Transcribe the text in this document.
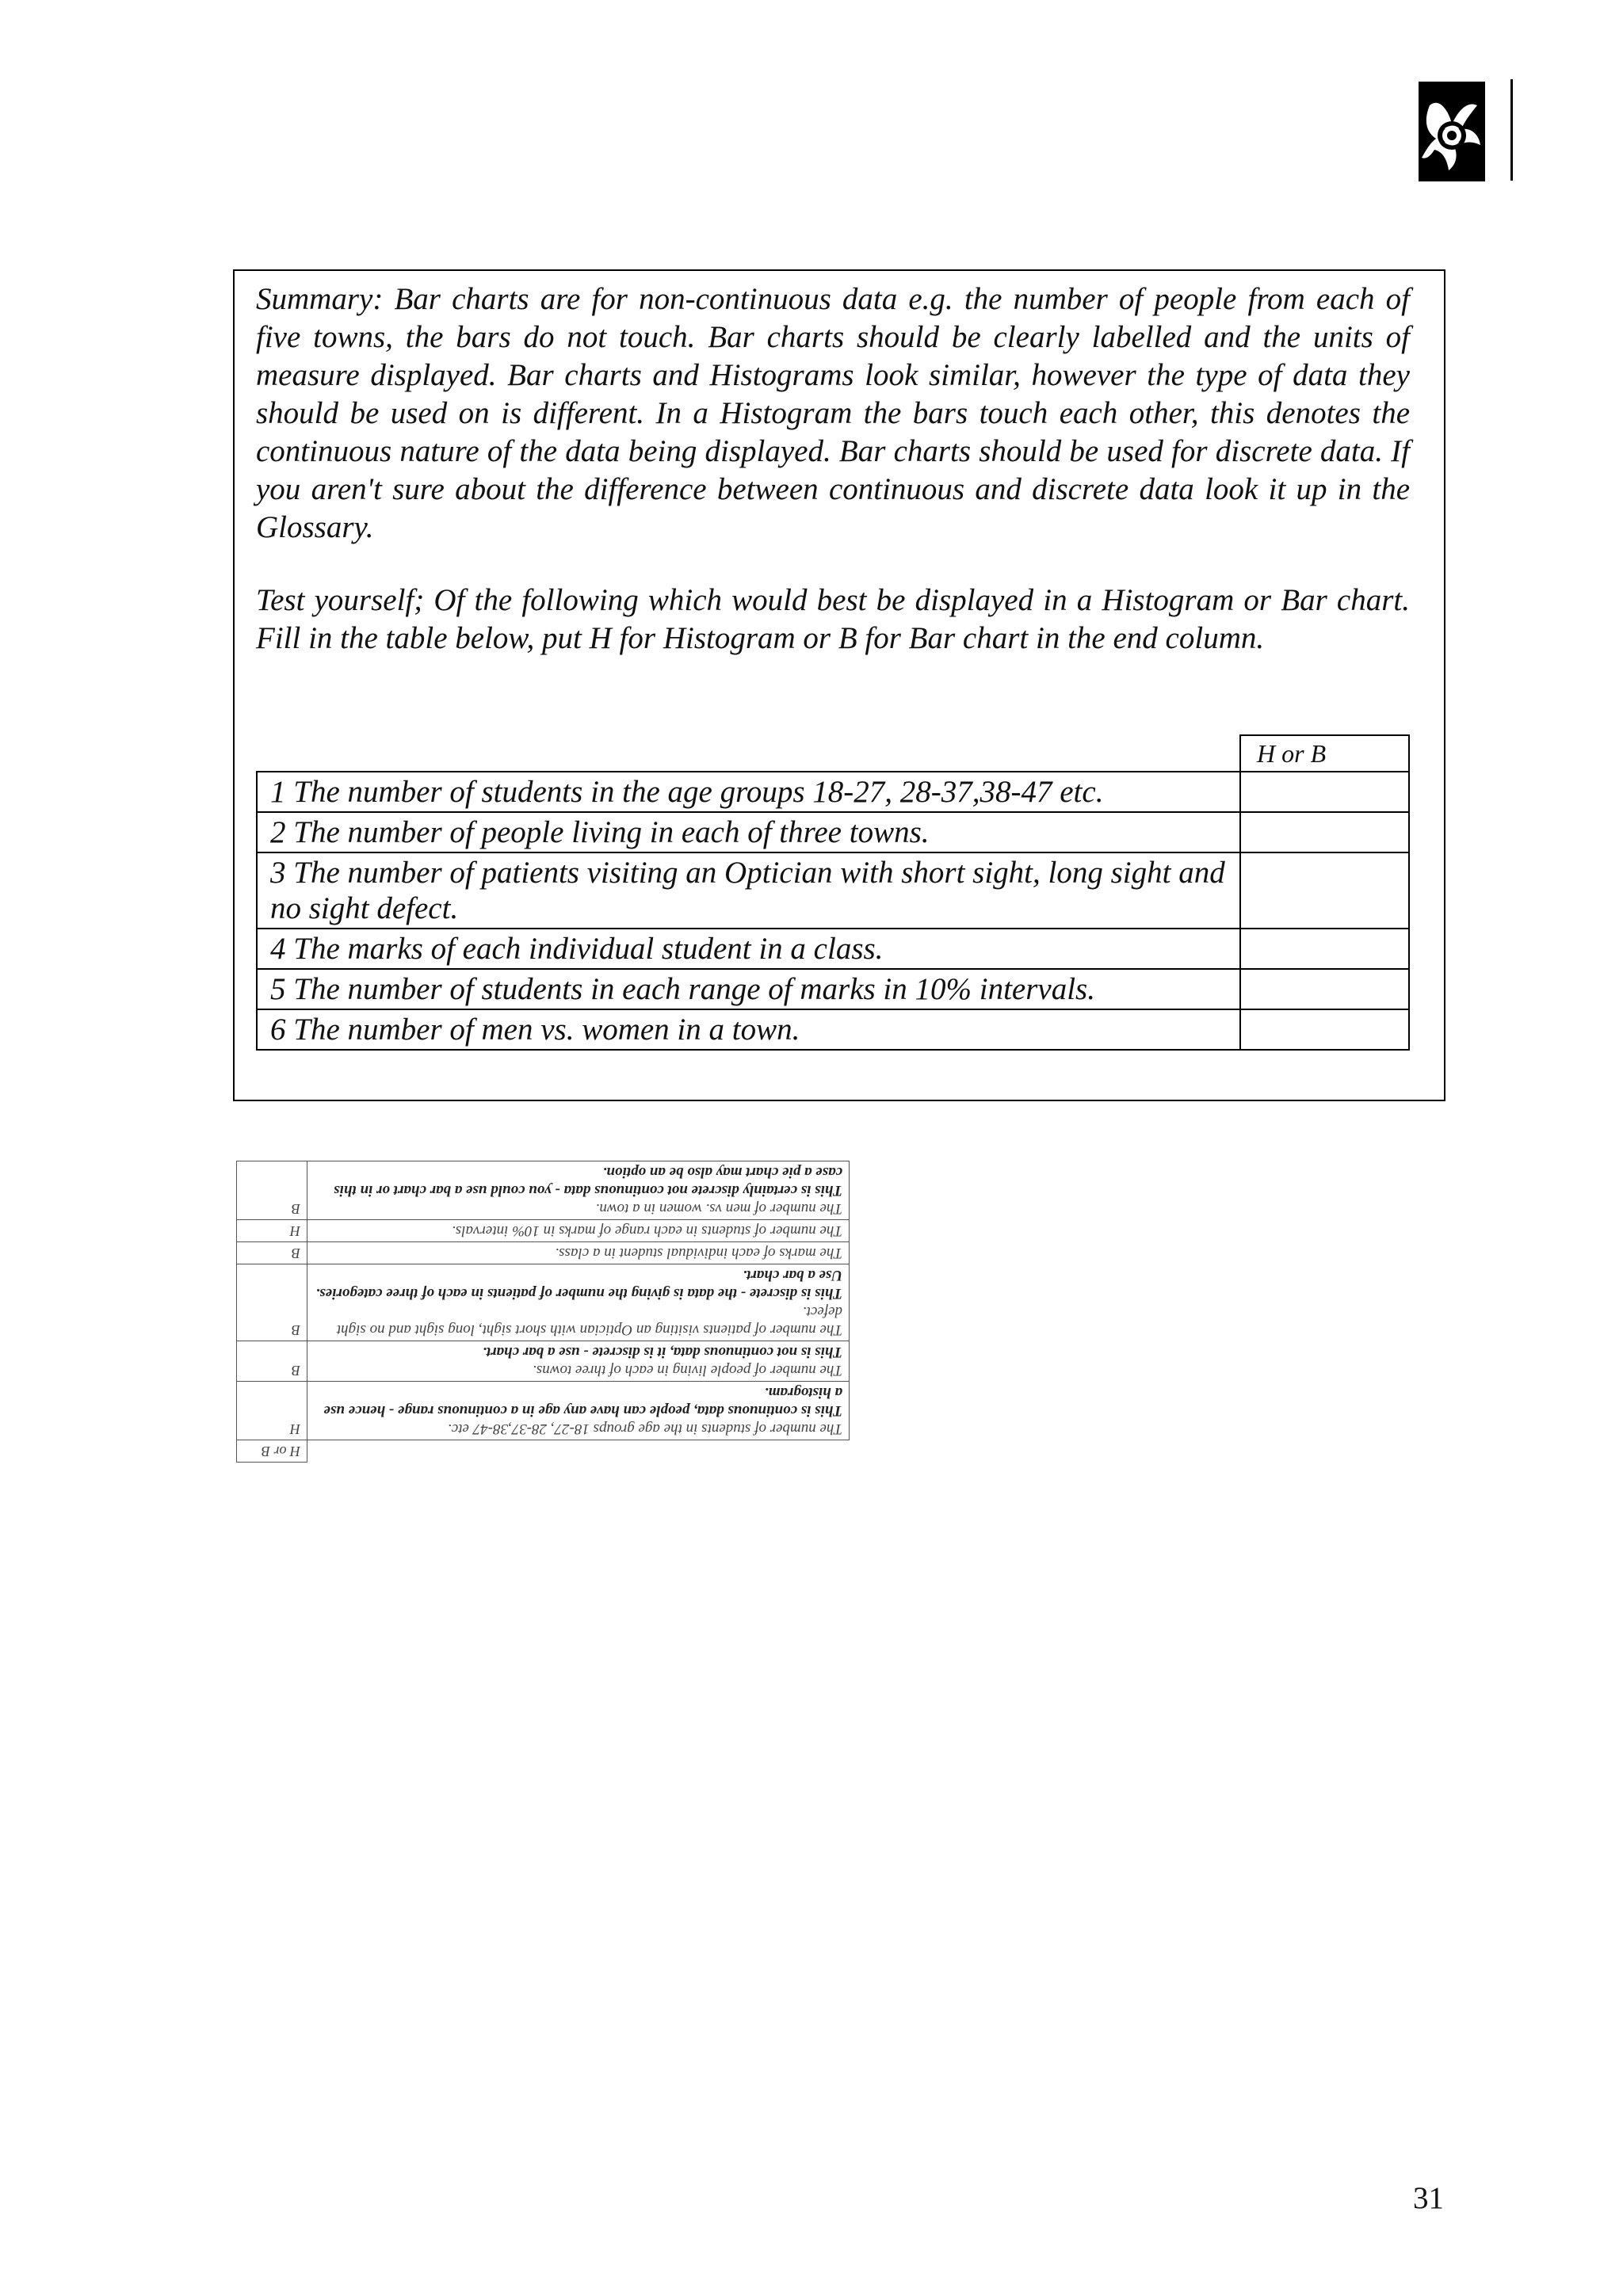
Summary: Bar charts are for non-continuous data e.g. the number of people from each of five towns, the bars do not touch. Bar charts should be clearly labelled and the units of measure displayed. Bar charts and Histograms look similar, however the type of data they should be used on is different. In a Histogram the bars touch each other, this denotes the continuous nature of the data being displayed. Bar charts should be used for discrete data. If you aren't sure about the difference between continuous and discrete data look it up in the Glossary.

Test yourself; Of the following which would best be displayed in a Histogram or Bar chart. Fill in the table below, put H for Histogram or B for Bar chart in the end column.

	H or B
1 The number of students in the age groups 18-27, 28-37,38-47 etc.	
2 The number of people living in each of three towns.	
3 The number of patients visiting an Optician with short sight, long sight and no sight defect.	
4 The marks of each individual student in a class.	
5 The number of students in each range of marks in 10% intervals.	
6 The number of men vs. women in a town.	
	H or B
The number of students in the age groups 18-27, 28-37,38-47 etc.
This is continuous data, people can have any age in a continuous range - hence use a histogram.	H
The number of people living in each of three towns.
This is not continuous data, it is discrete - use a bar chart.	B
The number of patients visiting an Optician with short sight, long sight and no sight defect.
This is discrete - the data is giving the number of patients in each of three categories. Use a bar chart.	B
The marks of each individual student in a class.	B
The number of students in each range of marks in 10% intervals.	H
The number of men vs. women in a town.
This is certainly discrete not continuous data - you could use a bar chart or in this case a pie chart may also be an option.	B
31
